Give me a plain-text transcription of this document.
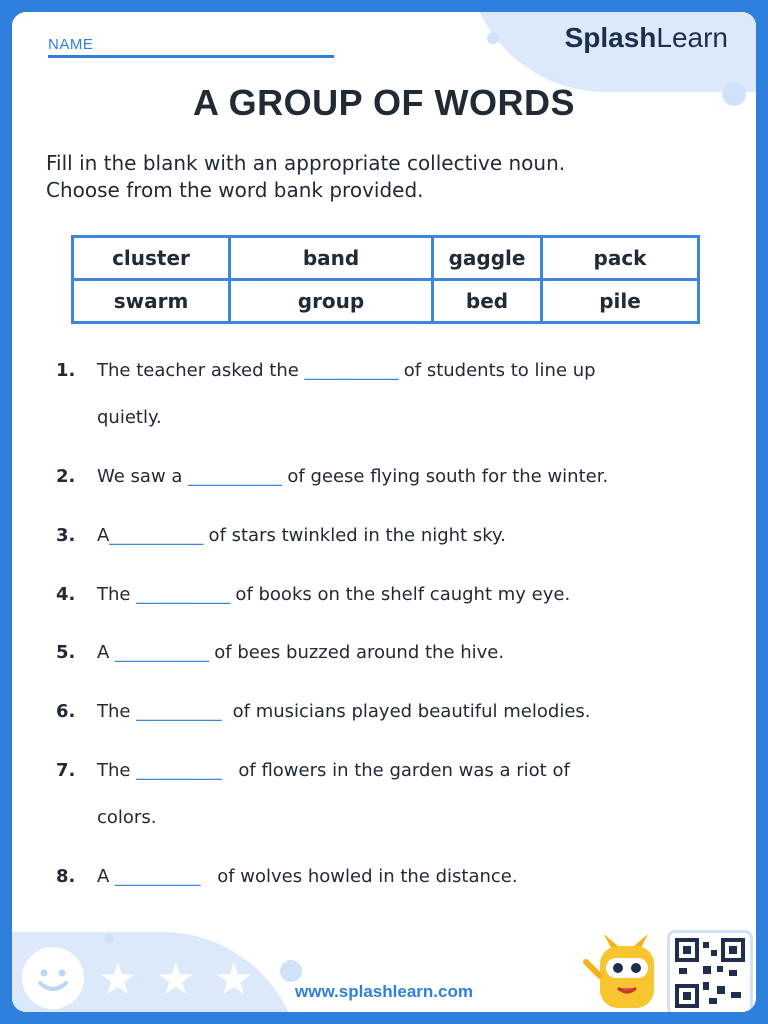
NAME	SplashLearn
A GROUP OF WORDS
Fill in the blank with an appropriate collective noun.
Choose from the word bank provided.
cluster	band	gaggle	pack
swarm	group	bed	pile
1.	The teacher asked the ___________ of students to line up
quietly.
2.	We saw a ___________ of geese flying south for the winter.
3.	A___________ of stars twinkled in the night sky.
4.	The ___________ of books on the shelf caught my eye.
5.	A ___________ of bees buzzed around the hive.
6.	The __________  of musicians played beautiful melodies.
7.	The __________   of flowers in the garden was a riot of
colors.
8.	A __________   of wolves howled in the distance.
★ ★ ★	www.splashlearn.com
